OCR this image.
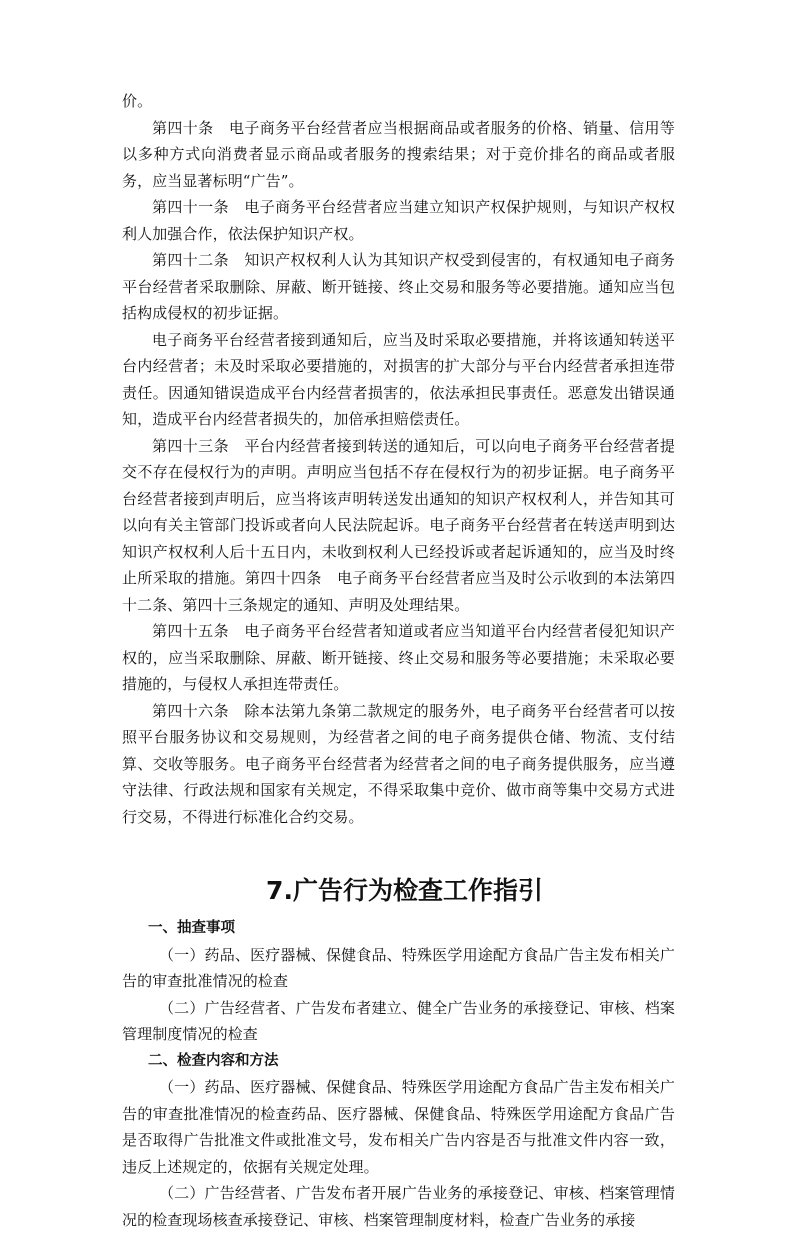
价。

第四十条　电子商务平台经营者应当根据商品或者服务的价格、销量、信用等以多种方式向消费者显示商品或者服务的搜索结果；对于竞价排名的商品或者服务，应当显著标明“广告”。

第四十一条　电子商务平台经营者应当建立知识产权保护规则，与知识产权权利人加强合作，依法保护知识产权。

第四十二条　知识产权权利人认为其知识产权受到侵害的，有权通知电子商务平台经营者采取删除、屏蔽、断开链接、终止交易和服务等必要措施。通知应当包括构成侵权的初步证据。

电子商务平台经营者接到通知后，应当及时采取必要措施，并将该通知转送平台内经营者；未及时采取必要措施的，对损害的扩大部分与平台内经营者承担连带责任。因通知错误造成平台内经营者损害的，依法承担民事责任。恶意发出错误通知，造成平台内经营者损失的，加倍承担赔偿责任。

第四十三条　平台内经营者接到转送的通知后，可以向电子商务平台经营者提交不存在侵权行为的声明。声明应当包括不存在侵权行为的初步证据。电子商务平台经营者接到声明后，应当将该声明转送发出通知的知识产权权利人，并告知其可以向有关主管部门投诉或者向人民法院起诉。电子商务平台经营者在转送声明到达知识产权权利人后十五日内，未收到权利人已经投诉或者起诉通知的，应当及时终止所采取的措施。第四十四条　电子商务平台经营者应当及时公示收到的本法第四十二条、第四十三条规定的通知、声明及处理结果。

第四十五条　电子商务平台经营者知道或者应当知道平台内经营者侵犯知识产权的，应当采取删除、屏蔽、断开链接、终止交易和服务等必要措施；未采取必要措施的，与侵权人承担连带责任。

第四十六条　除本法第九条第二款规定的服务外，电子商务平台经营者可以按照平台服务协议和交易规则，为经营者之间的电子商务提供仓储、物流、支付结算、交收等服务。电子商务平台经营者为经营者之间的电子商务提供服务，应当遵守法律、行政法规和国家有关规定，不得采取集中竞价、做市商等集中交易方式进行交易，不得进行标准化合约交易。

7.广告行为检查工作指引

一、抽查事项

（一）药品、医疗器械、保健食品、特殊医学用途配方食品广告主发布相关广告的审查批准情况的检查

（二）广告经营者、广告发布者建立、健全广告业务的承接登记、审核、档案管理制度情况的检查

二、检查内容和方法

（一）药品、医疗器械、保健食品、特殊医学用途配方食品广告主发布相关广告的审查批准情况的检查药品、医疗器械、保健食品、特殊医学用途配方食品广告是否取得广告批准文件或批准文号，发布相关广告内容是否与批准文件内容一致，违反上述规定的，依据有关规定处理。

（二）广告经营者、广告发布者开展广告业务的承接登记、审核、档案管理情况的检查现场核查承接登记、审核、档案管理制度材料，检查广告业务的承接
